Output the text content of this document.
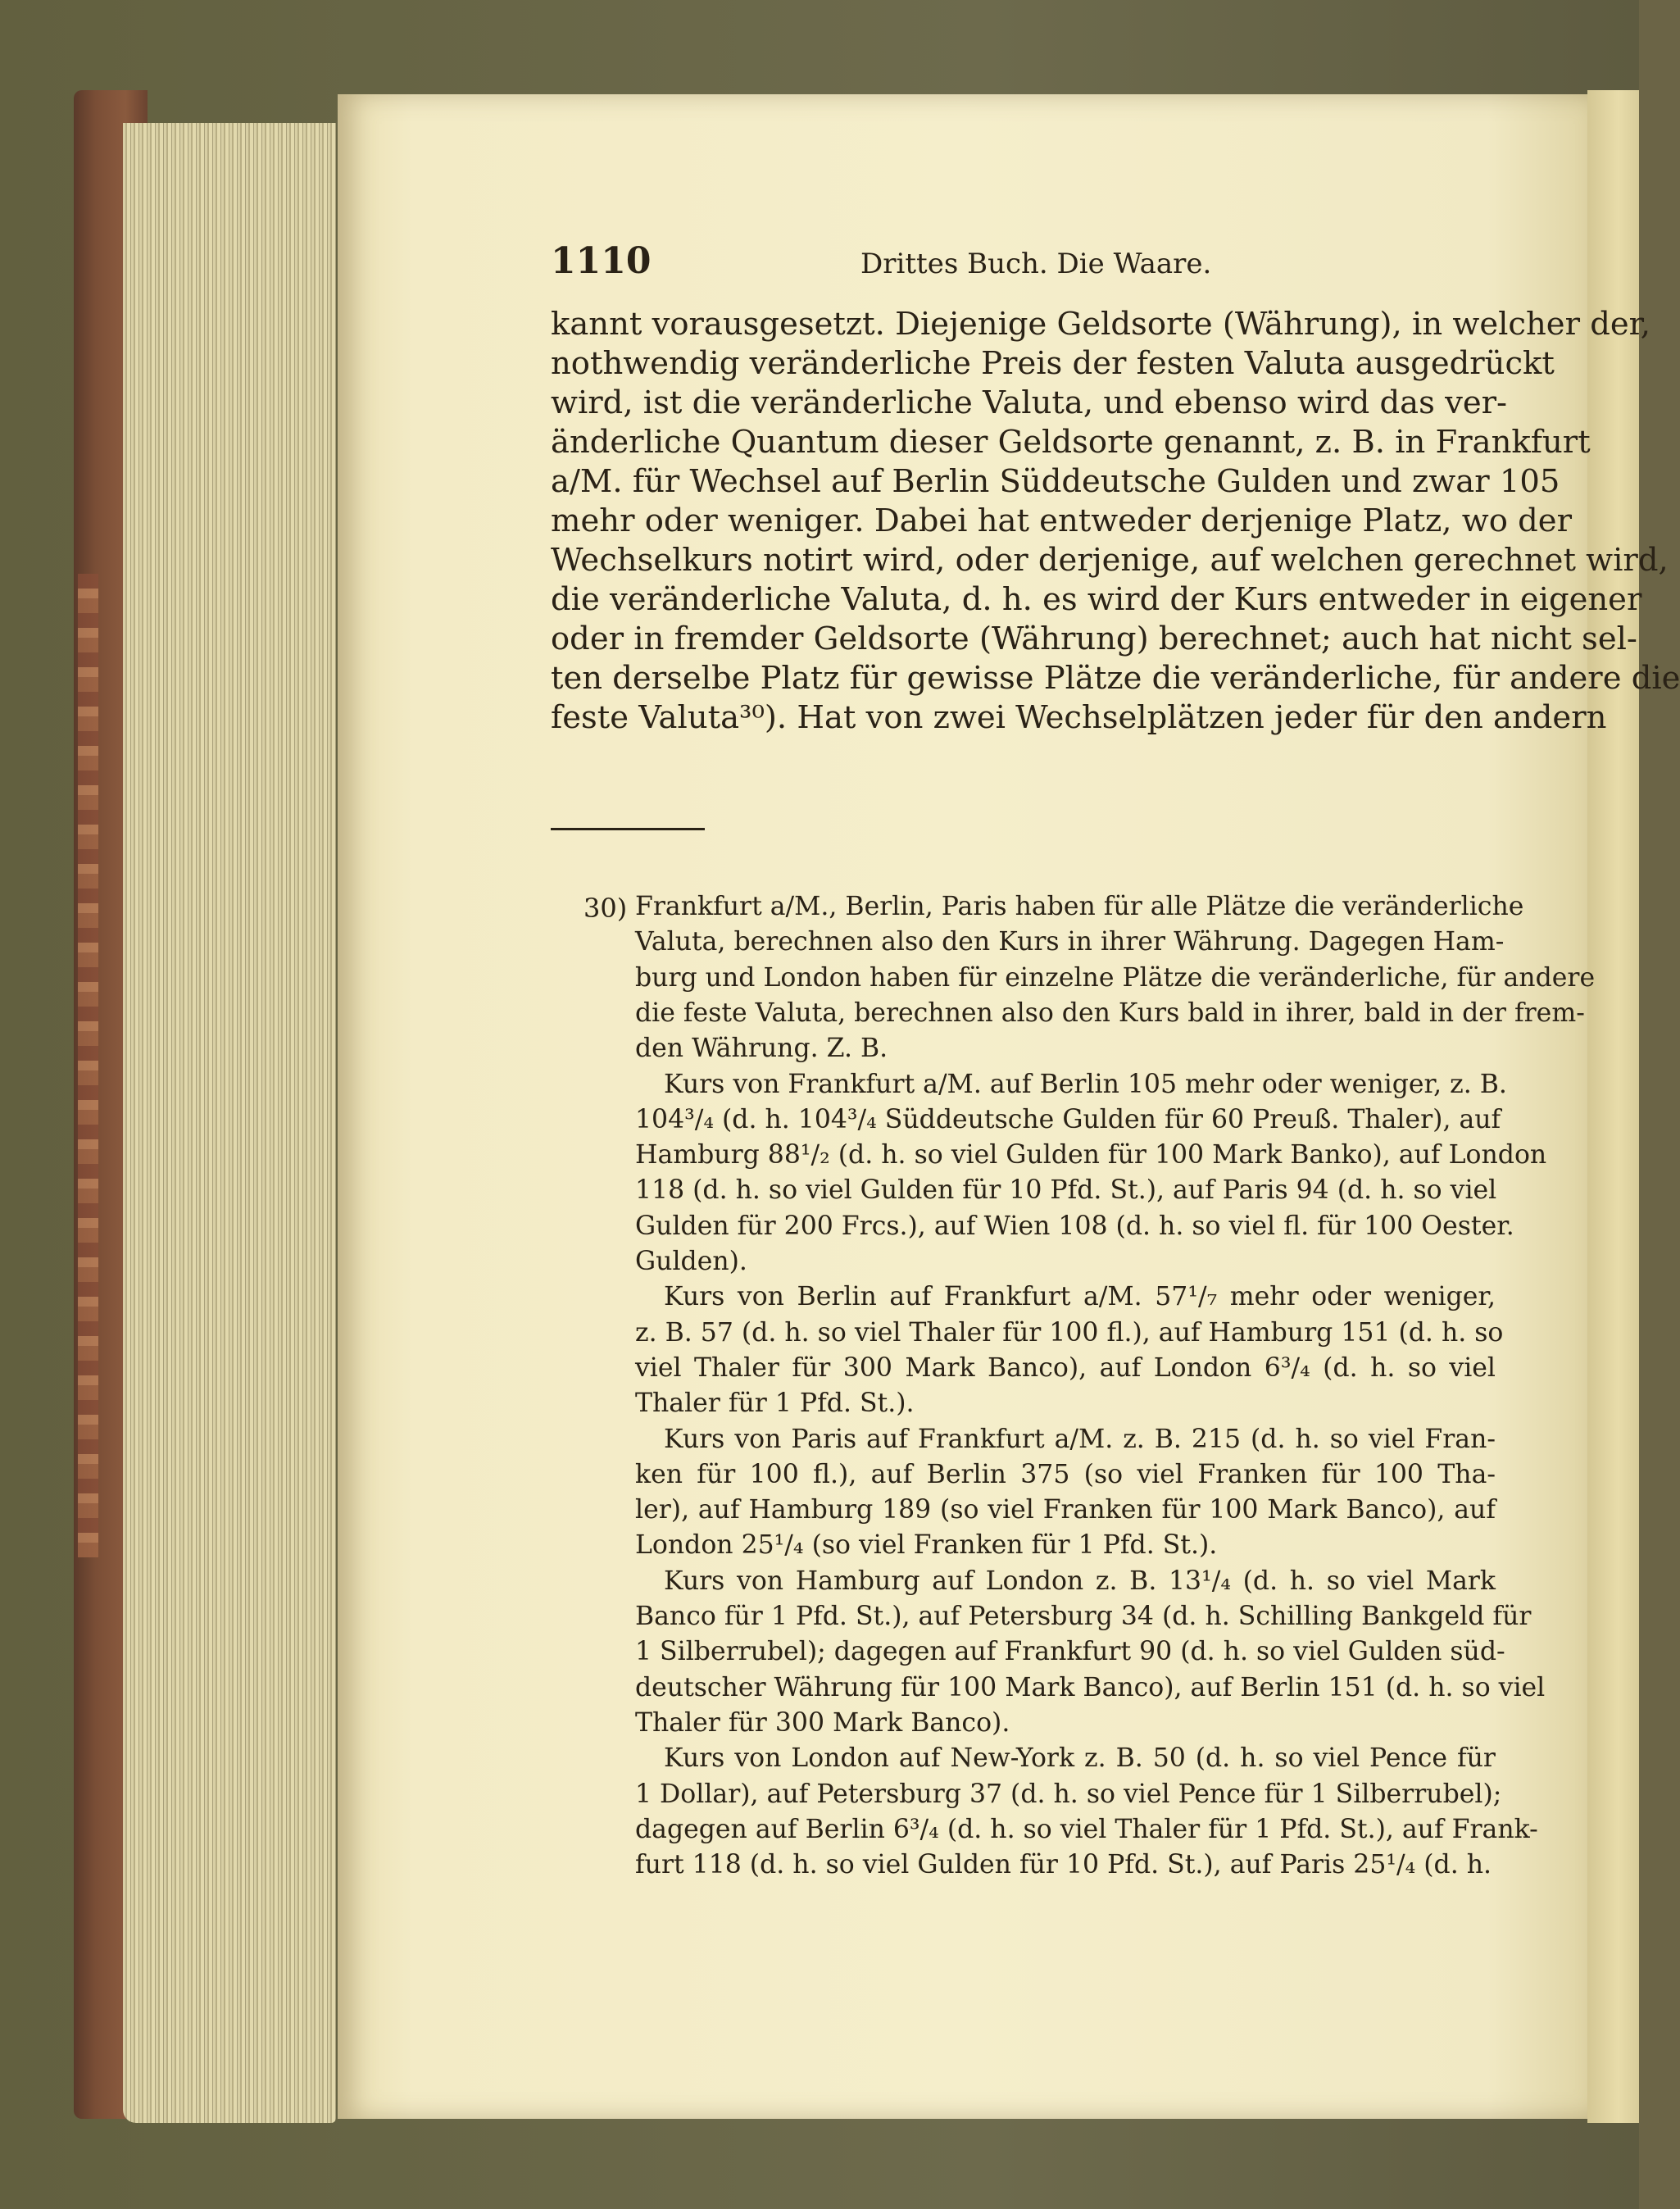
1110	Drittes Buch. Die Waare.
kannt vorausgesetzt. Diejenige Geldsorte (Währung), in welcher der,
nothwendig veränderliche Preis der festen Valuta ausgedrückt
wird, ist die veränderliche Valuta, und ebenso wird das ver-
änderliche Quantum dieser Geldsorte genannt, z. B. in Frankfurt
a/M. für Wechsel auf Berlin Süddeutsche Gulden und zwar 105
mehr oder weniger. Dabei hat entweder derjenige Platz, wo der
Wechselkurs notirt wird, oder derjenige, auf welchen gerechnet wird,
die veränderliche Valuta, d. h. es wird der Kurs entweder in eigener
oder in fremder Geldsorte (Währung) berechnet; auch hat nicht sel-
ten derselbe Platz für gewisse Plätze die veränderliche, für andere die
feste Valuta³⁰). Hat von zwei Wechselplätzen jeder für den andern
30) Frankfurt a/M., Berlin, Paris haben für alle Plätze die veränderliche
Valuta, berechnen also den Kurs in ihrer Währung. Dagegen Ham-
burg und London haben für einzelne Plätze die veränderliche, für andere
die feste Valuta, berechnen also den Kurs bald in ihrer, bald in der frem-
den Währung. Z. B.
Kurs von Frankfurt a/M. auf Berlin 105 mehr oder weniger, z. B.
104³/₄ (d. h. 104³/₄ Süddeutsche Gulden für 60 Preuß. Thaler), auf
Hamburg 88¹/₂ (d. h. so viel Gulden für 100 Mark Banko), auf London
118 (d. h. so viel Gulden für 10 Pfd. St.), auf Paris 94 (d. h. so viel
Gulden für 200 Frcs.), auf Wien 108 (d. h. so viel fl. für 100 Oester.
Gulden).
Kurs von Berlin auf Frankfurt a/M. 57¹/₇ mehr oder weniger,
z. B. 57 (d. h. so viel Thaler für 100 fl.), auf Hamburg 151 (d. h. so
viel Thaler für 300 Mark Banco), auf London 6³/₄ (d. h. so viel
Thaler für 1 Pfd. St.).
Kurs von Paris auf Frankfurt a/M. z. B. 215 (d. h. so viel Fran-
ken für 100 fl.), auf Berlin 375 (so viel Franken für 100 Tha-
ler), auf Hamburg 189 (so viel Franken für 100 Mark Banco), auf
London 25¹/₄ (so viel Franken für 1 Pfd. St.).
Kurs von Hamburg auf London z. B. 13¹/₄ (d. h. so viel Mark
Banco für 1 Pfd. St.), auf Petersburg 34 (d. h. Schilling Bankgeld für
1 Silberrubel); dagegen auf Frankfurt 90 (d. h. so viel Gulden süd-
deutscher Währung für 100 Mark Banco), auf Berlin 151 (d. h. so viel
Thaler für 300 Mark Banco).
Kurs von London auf New-York z. B. 50 (d. h. so viel Pence für
1 Dollar), auf Petersburg 37 (d. h. so viel Pence für 1 Silberrubel);
dagegen auf Berlin 6³/₄ (d. h. so viel Thaler für 1 Pfd. St.), auf Frank-
furt 118 (d. h. so viel Gulden für 10 Pfd. St.), auf Paris 25¹/₄ (d. h.
